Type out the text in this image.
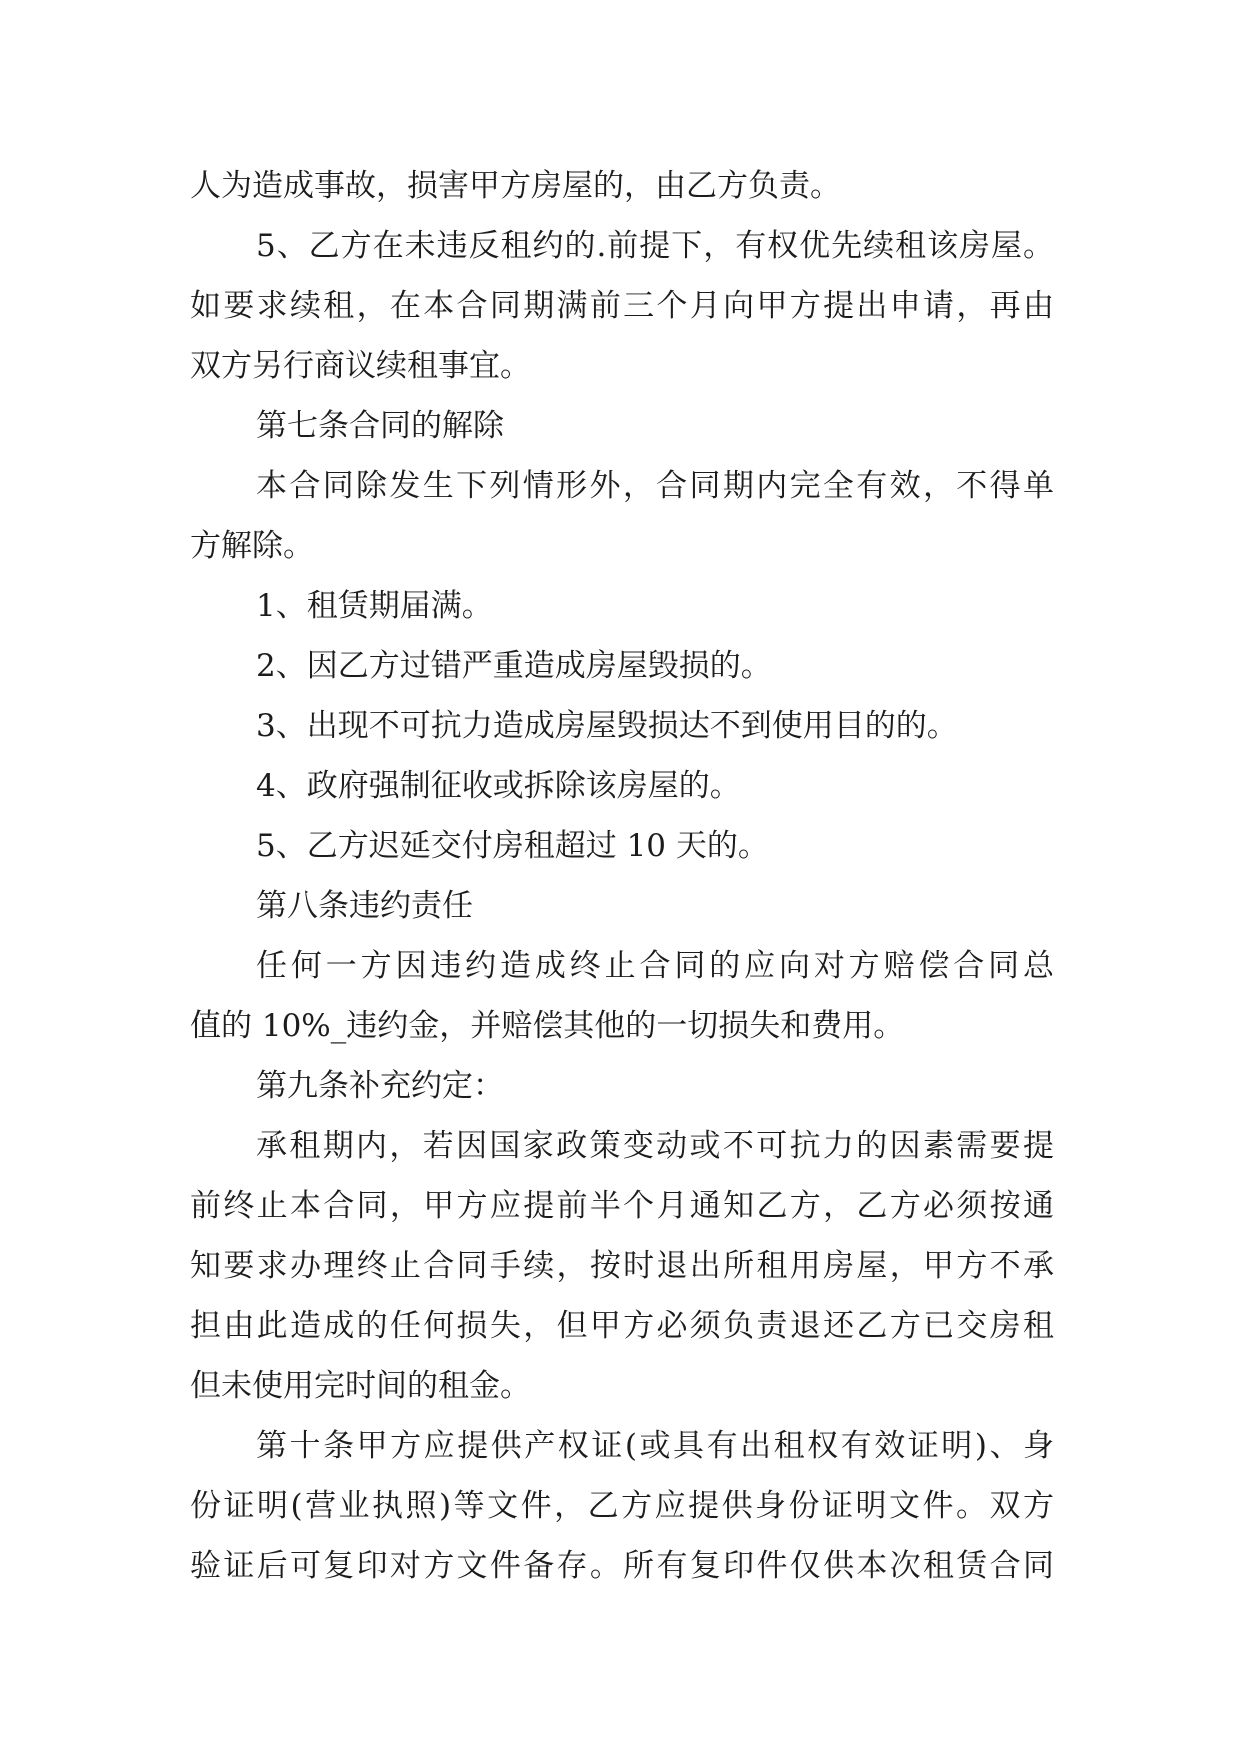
人为造成事故，损害甲方房屋的，由乙方负责。
5、乙方在未违反租约的.前提下，有权优先续租该房屋。
如要求续租，在本合同期满前三个月向甲方提出申请，再由
双方另行商议续租事宜。
第七条合同的解除
本合同除发生下列情形外，合同期内完全有效，不得单
方解除。
1、租赁期届满。
2、因乙方过错严重造成房屋毁损的。
3、出现不可抗力造成房屋毁损达不到使用目的的。
4、政府强制征收或拆除该房屋的。
5、乙方迟延交付房租超过 10 天的。
第八条违约责任
任何一方因违约造成终止合同的应向对方赔偿合同总
值的 10%_违约金，并赔偿其他的一切损失和费用。
第九条补充约定：
承租期内，若因国家政策变动或不可抗力的因素需要提
前终止本合同，甲方应提前半个月通知乙方，乙方必须按通
知要求办理终止合同手续，按时退出所租用房屋，甲方不承
担由此造成的任何损失，但甲方必须负责退还乙方已交房租
但未使用完时间的租金。
第十条甲方应提供产权证(或具有出租权有效证明)、身
份证明(营业执照)等文件，乙方应提供身份证明文件。双方
验证后可复印对方文件备存。所有复印件仅供本次租赁合同
